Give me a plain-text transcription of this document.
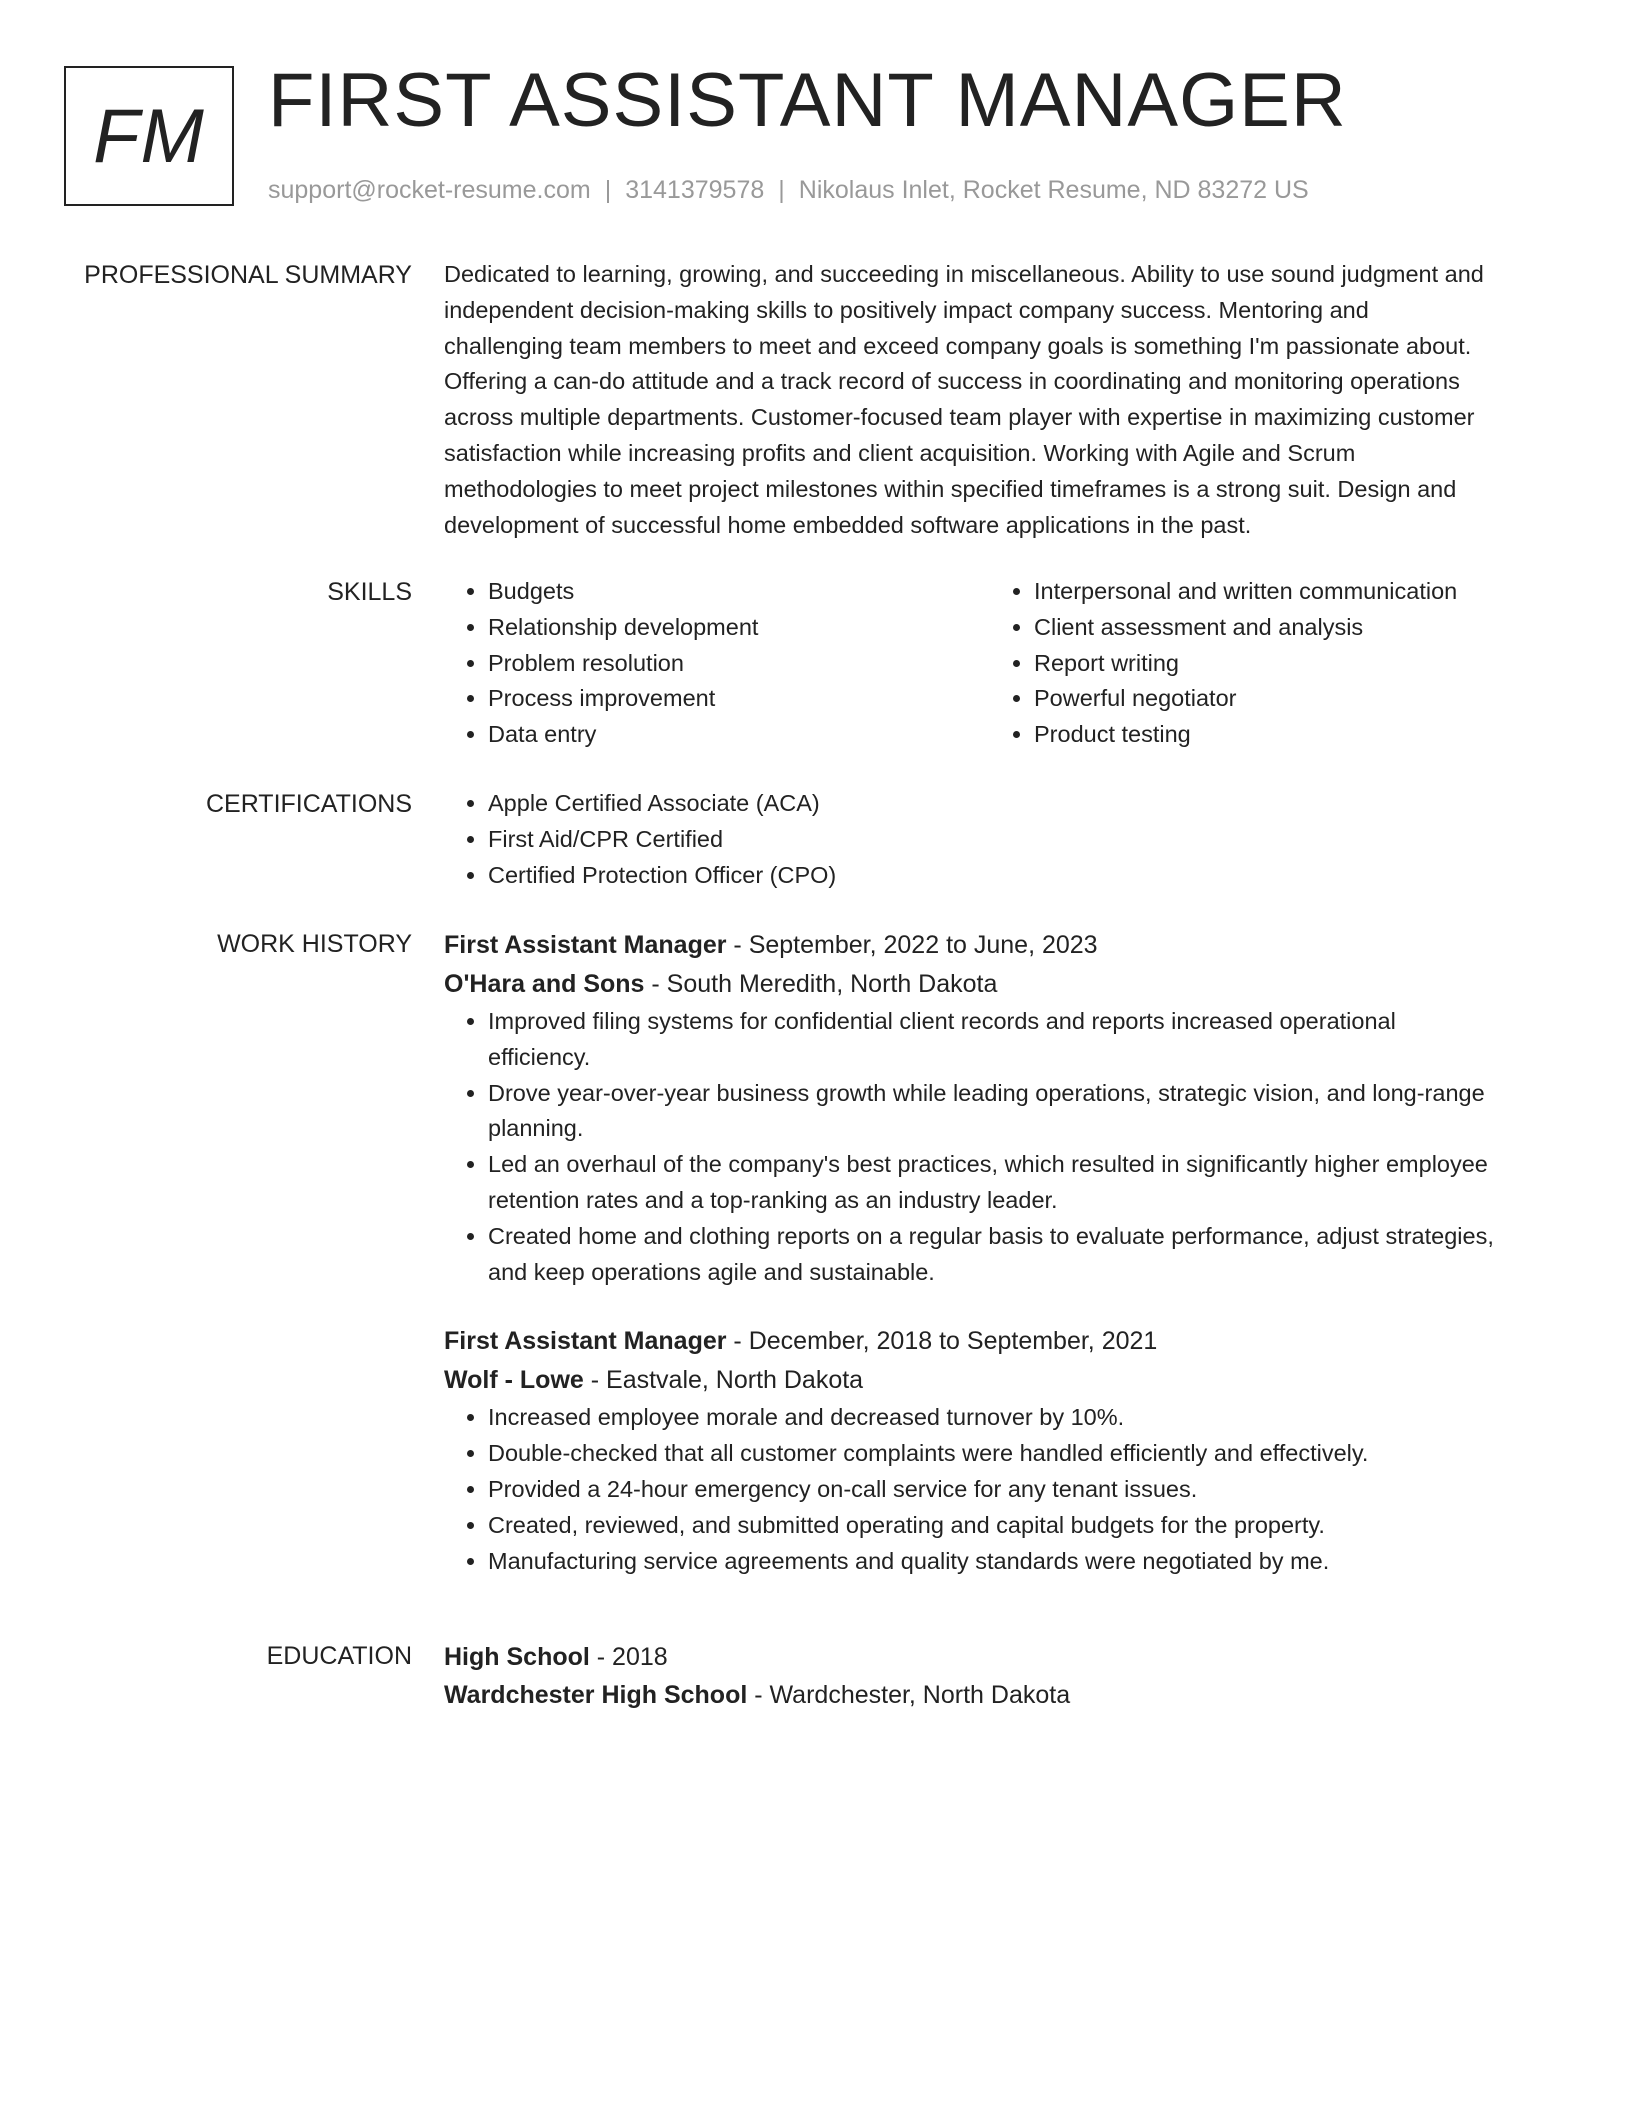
FM FIRST ASSISTANT MANAGER
support@rocket-resume.com | 3141379578 | Nikolaus Inlet, Rocket Resume, ND 83272 US
PROFESSIONAL SUMMARY Dedicated to learning, growing, and succeeding in miscellaneous. Ability to use sound judgment and
independent decision-making skills to positively impact company success. Mentoring and
challenging team members to meet and exceed company goals is something I'm passionate about.
Offering a can-do attitude and a track record of success in coordinating and monitoring operations
across multiple departments. Customer-focused team player with expertise in maximizing customer
satisfaction while increasing profits and client acquisition. Working with Agile and Scrum
methodologies to meet project milestones within specified timeframes is a strong suit. Design and
development of successful home embedded software applications in the past.
SKILLS	• Budgets
• Relationship development
• Problem resolution
• Process improvement
• Data entry
• Interpersonal and written communication
• Client assessment and analysis
• Report writing
• Powerful negotiator
• Product testing
CERTIFICATIONS	• Apple Certified Associate (ACA)
• First Aid/CPR Certified
• Certified Protection Officer (CPO)
WORK HISTORY First Assistant Manager - September, 2022 to June, 2023
O'Hara and Sons - South Meredith, North Dakota
• Improved filing systems for confidential client records and reports increased operational
efficiency.
• Drove year-over-year business growth while leading operations, strategic vision, and long-range
planning.
• Led an overhaul of the company's best practices, which resulted in significantly higher employee
retention rates and a top-ranking as an industry leader.
• Created home and clothing reports on a regular basis to evaluate performance, adjust strategies,
and keep operations agile and sustainable.
First Assistant Manager - December, 2018 to September, 2021
Wolf - Lowe - Eastvale, North Dakota
• Increased employee morale and decreased turnover by 10%.
• Double-checked that all customer complaints were handled efficiently and effectively.
• Provided a 24-hour emergency on-call service for any tenant issues.
• Created, reviewed, and submitted operating and capital budgets for the property.
• Manufacturing service agreements and quality standards were negotiated by me.
EDUCATION High School - 2018
Wardchester High School - Wardchester, North Dakota
